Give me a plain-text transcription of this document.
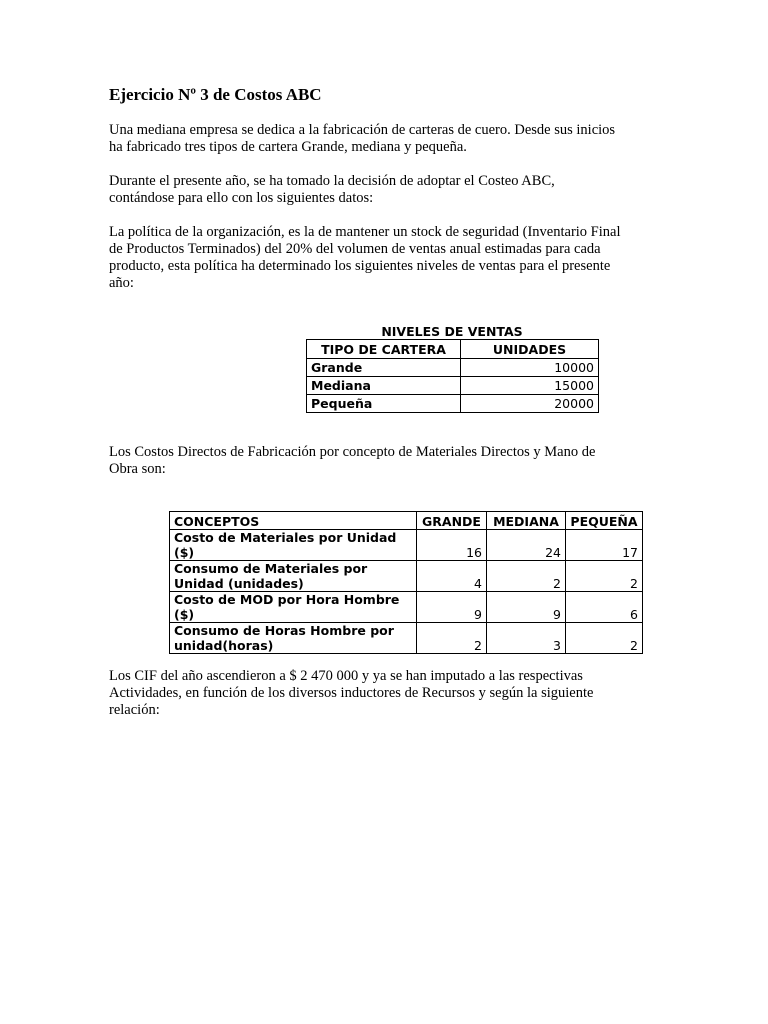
Ejercicio Nº 3 de Costos ABC

Una mediana empresa se dedica a la fabricación de carteras de cuero. Desde sus inicios
ha fabricado tres tipos de cartera Grande, mediana y pequeña.

Durante el presente año, se ha tomado la decisión de adoptar el Costeo ABC,
contándose para ello con los siguientes datos:

La política de la organización, es la de mantener un stock de seguridad (Inventario Final
de Productos Terminados) del 20% del volumen de ventas anual estimadas para cada
producto, esta política ha determinado los siguientes niveles de ventas para el presente
año:

NIVELES DE VENTAS
TIPO DE CARTERA	UNIDADES
Grande	10000
Mediana	15000
Pequeña	20000

Los Costos Directos de Fabricación por concepto de Materiales Directos y Mano de
Obra son:

CONCEPTOS	GRANDE	MEDIANA	PEQUEÑA
Costo de Materiales por Unidad
($)	16	24	17
Consumo de Materiales por
Unidad (unidades)	4	2	2
Costo de MOD por Hora Hombre
($)	9	9	6
Consumo de Horas Hombre por
unidad(horas)	2	3	2

Los CIF del año ascendieron a $ 2 470 000 y ya se han imputado a las respectivas
Actividades, en función de los diversos inductores de Recursos y según la siguiente
relación:
